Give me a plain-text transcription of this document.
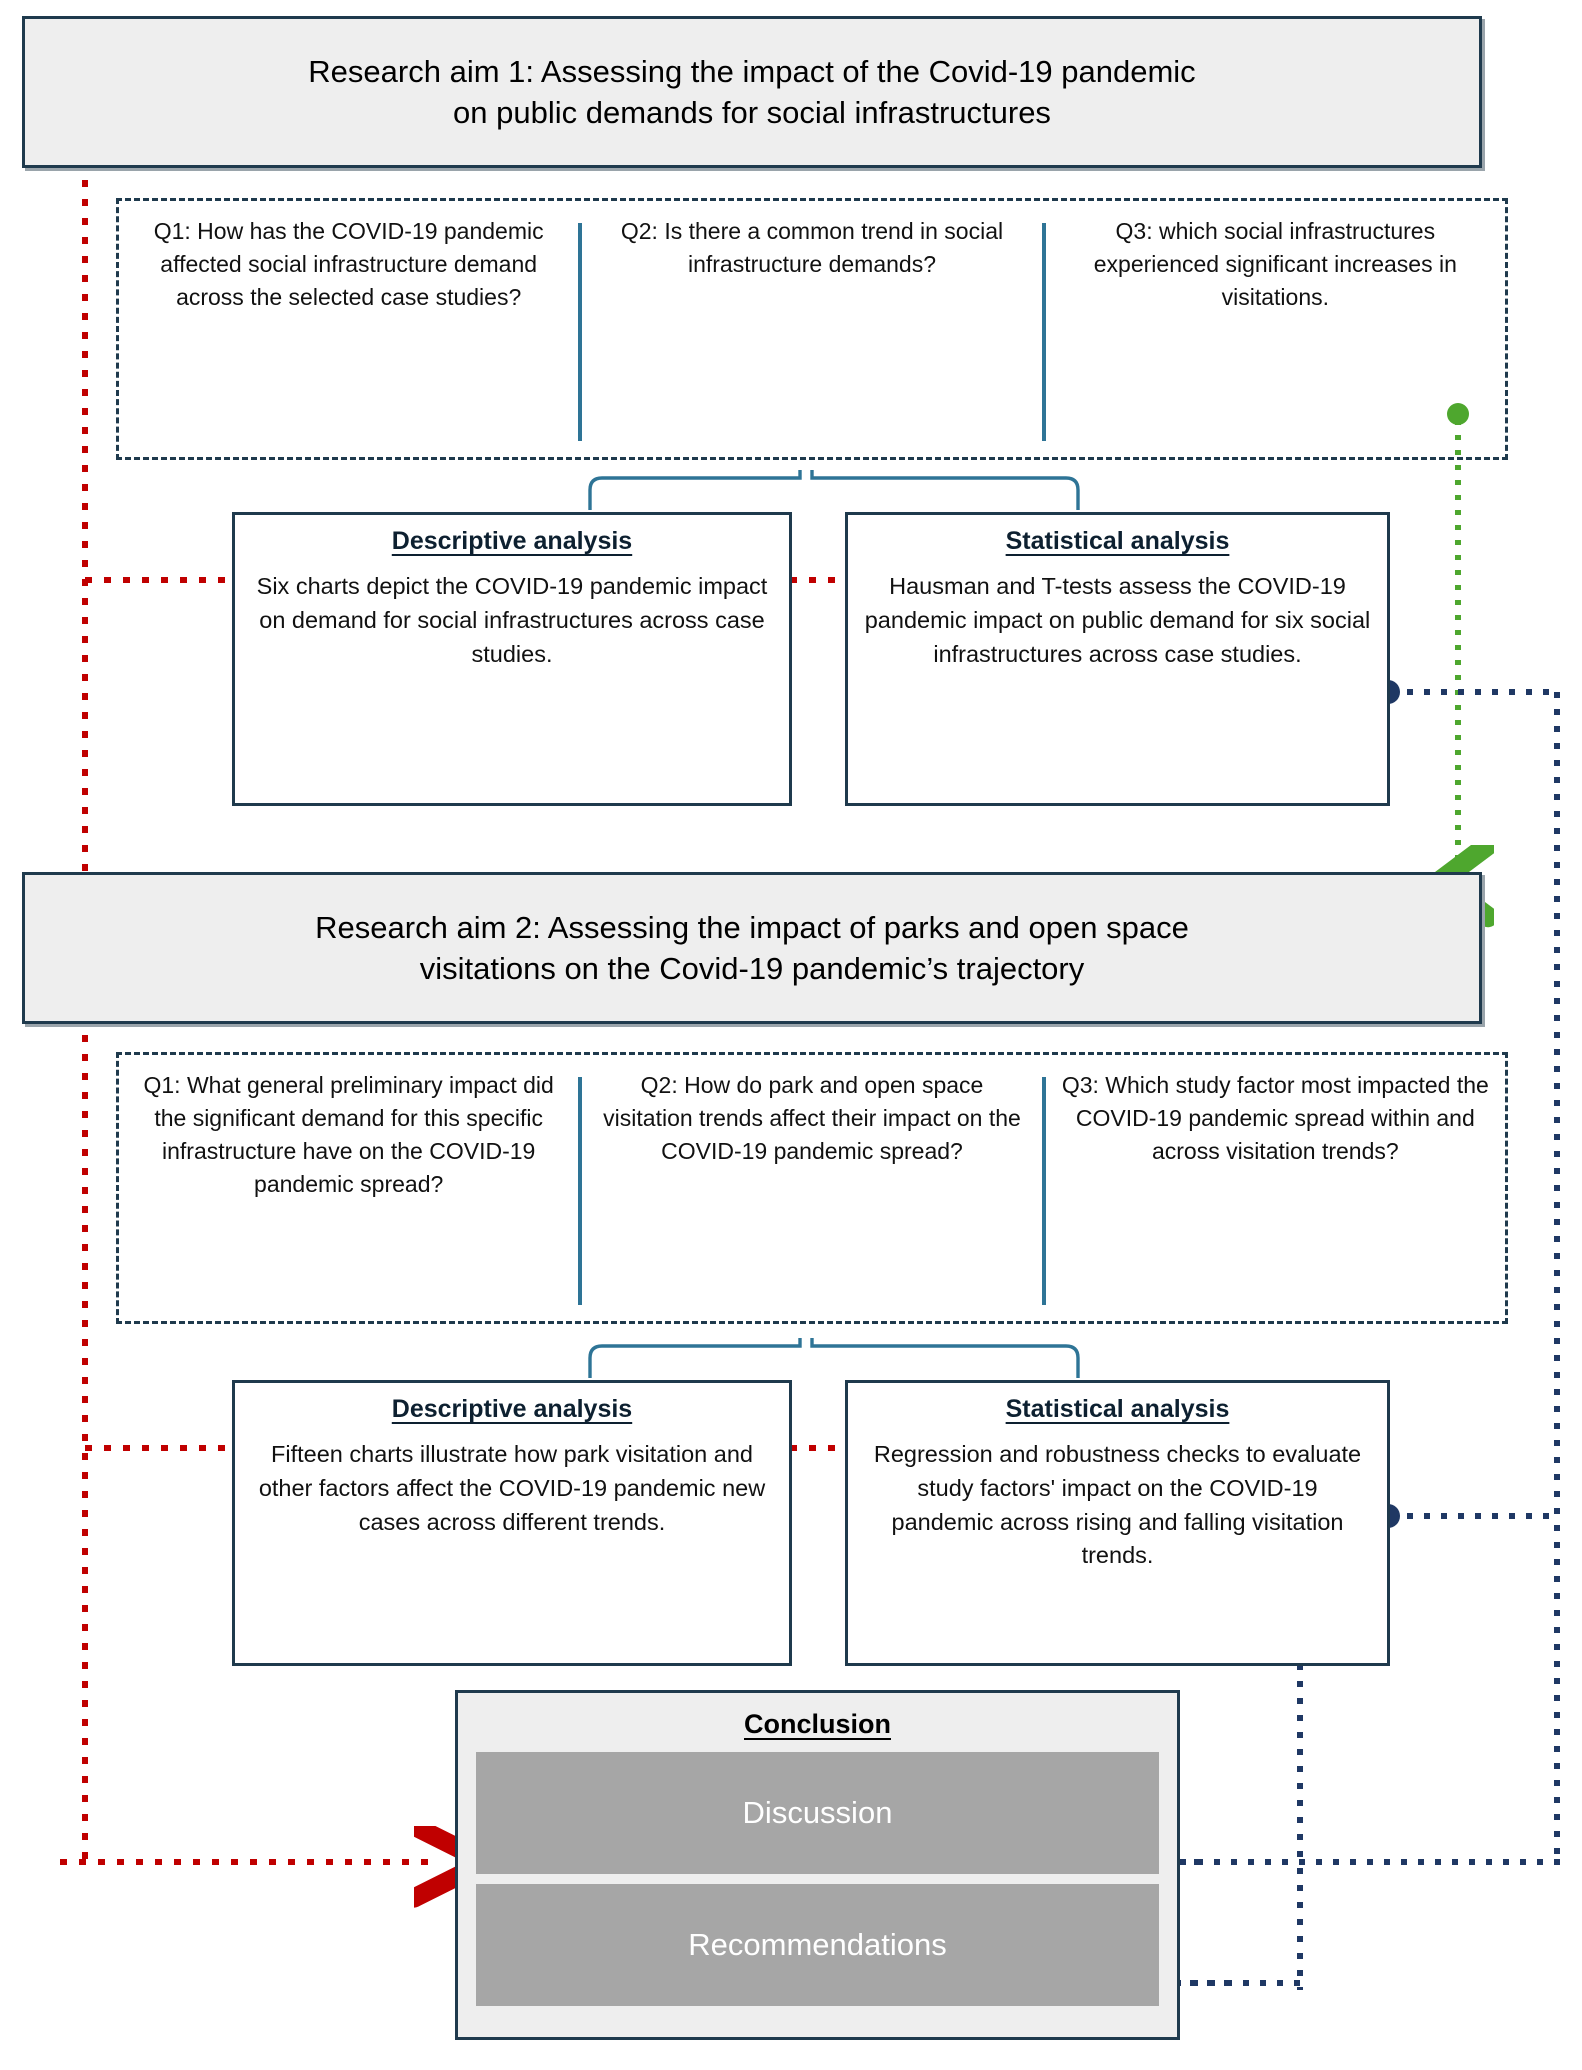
Research aim 1: Assessing the impact of the Covid-19 pandemic
on public demands for social infrastructures
Q1: How has the COVID-19 pandemic affected social infrastructure demand across the selected case studies?
Q2: Is there a common trend in social infrastructure demands?
Q3: which social infrastructures experienced significant increases in visitations.
Descriptive analysis
Six charts depict the COVID-19 pandemic impact on demand for social infrastructures across case studies.
Statistical analysis
Hausman and T-tests assess the COVID-19 pandemic impact on public demand for six social infrastructures across case studies.
Research aim 2: Assessing the impact of parks and open space
visitations on the Covid-19 pandemic’s trajectory
Q1: What general preliminary impact did the significant demand for this specific infrastructure have on the COVID-19 pandemic spread?
Q2: How do park and open space visitation trends affect their impact on the COVID-19 pandemic spread?
Q3: Which study factor most impacted the COVID-19 pandemic spread within and across visitation trends?
Descriptive analysis
Fifteen charts illustrate how park visitation and other factors affect the COVID-19 pandemic new cases across different trends.
Statistical analysis
Regression and robustness checks to evaluate study factors' impact on the COVID-19 pandemic across rising and falling visitation trends.
Conclusion
Discussion
Recommendations
